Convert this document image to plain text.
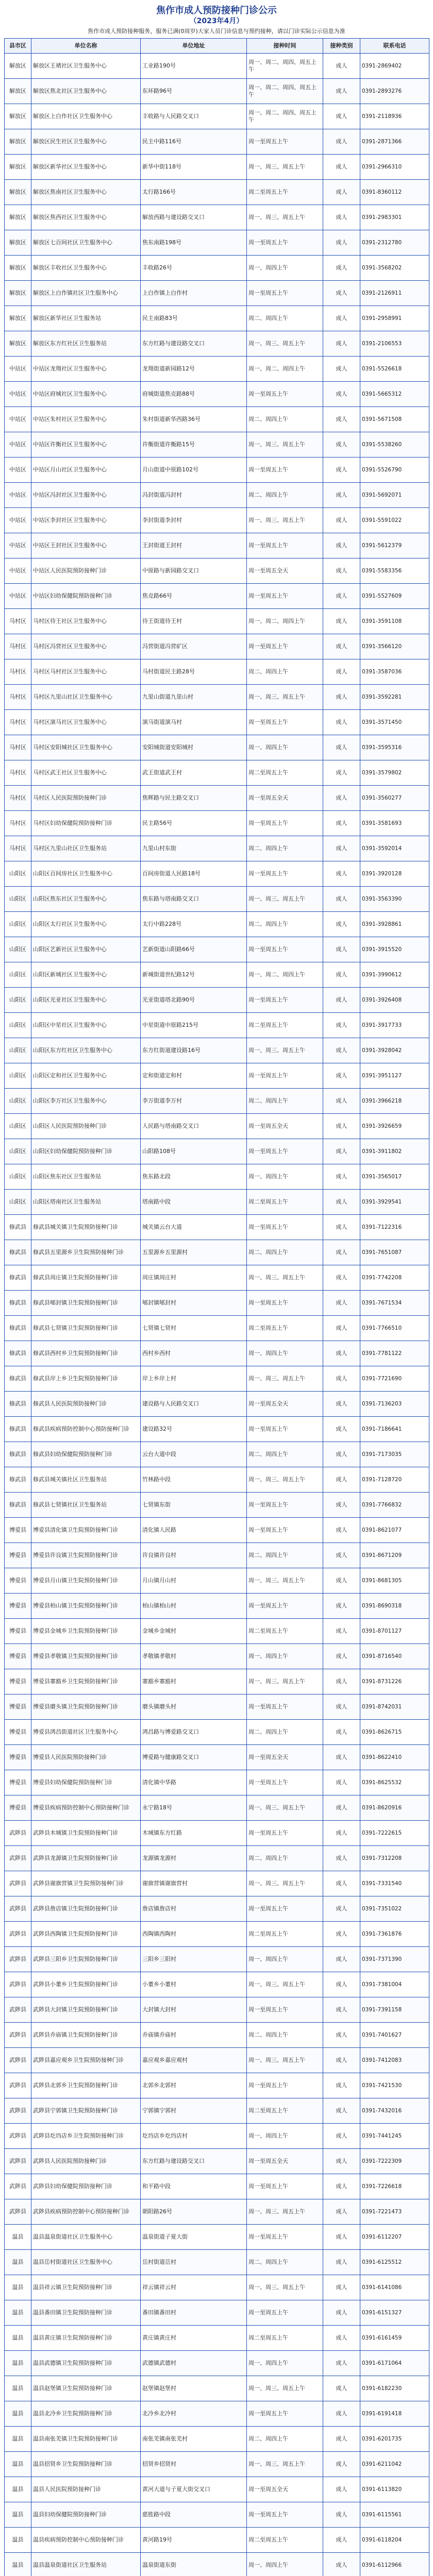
焦作市成人预防接种门诊公示
（2023年4月）
焦作市成人预防接种服务，服务已满(0周岁)大家人员门诊信息与预约接种，请以门诊实际公示信息为准
县市区	单位名称	单位地址	接种时间	接种类别	联系电话
解放区	解放区王褚社区卫生服务中心	工业路190号	周一、周二、周四、周五上午	成人	0391-2869402
解放区	解放区焦北社区卫生服务中心	东环路96号	周一、周二、周四、周五上午	成人	0391-2893276
解放区	解放区上白作社区卫生服务中心	丰收路与人民路交叉口	周一、周二、周四、周五上午	成人	0391-2118936
解放区	解放区民生社区卫生服务中心	民主中路116号	周一至周五上午	成人	0391-2871366
解放区	解放区新华社区卫生服务中心	新华中街118号	周一、周三、周五上午	成人	0391-2966310
解放区	解放区焦南社区卫生服务中心	太行路166号	周二至周五上午	成人	0391-8360112
解放区	解放区焦西社区卫生服务中心	解放西路与建设路交叉口	周一、周三、周五上午	成人	0391-2983301
解放区	解放区七百间社区卫生服务中心	焦东南路198号	周一至周五上午	成人	0391-2312780
解放区	解放区丰收社区卫生服务中心	丰收路26号	周一、周四上午	成人	0391-3568202
解放区	解放区上白作镇社区卫生服务中心	上白作镇上白作村	周一至周五上午	成人	0391-2126911
解放区	解放区新华社区卫生服务站	民主南路83号	周二、周四上午	成人	0391-2958991
解放区	解放区东方红社区卫生服务站	东方红路与建设路交叉口	周一、周三、周五上午	成人	0391-2106553
中站区	中站区龙翔社区卫生服务中心	龙翔街道新园路12号	周一、周二、周四上午	成人	0391-5526618
中站区	中站区府城社区卫生服务中心	府城街道焦克路88号	周一至周五上午	成人	0391-5665312
中站区	中站区朱村社区卫生服务中心	朱村街道新华西路36号	周二、周四上午	成人	0391-5671508
中站区	中站区许衡社区卫生服务中心	许衡街道许衡路15号	周一、周三、周五上午	成人	0391-5538260
中站区	中站区月山社区卫生服务中心	月山街道中原路102号	周一至周五上午	成人	0391-5526790
中站区	中站区冯封社区卫生服务中心	冯封街道冯封村	周二、周四上午	成人	0391-5692071
中站区	中站区李封社区卫生服务中心	李封街道李封村	周一、周三、周五上午	成人	0391-5591022
中站区	中站区王封社区卫生服务中心	王封街道王封村	周一至周五上午	成人	0391-5612379
中站区	中站区人民医院预防接种门诊	中原路与新园路交叉口	周一至周五全天	成人	0391-5583356
中站区	中站区妇幼保健院预防接种门诊	焦克路66号	周一至周五上午	成人	0391-5527609
马村区	马村区待王社区卫生服务中心	待王街道待王村	周一、周二、周四上午	成人	0391-3591108
马村区	马村区冯营社区卫生服务中心	冯营街道冯营矿区	周一至周五上午	成人	0391-3566120
马村区	马村区马村社区卫生服务中心	马村街道民主路28号	周二、周四上午	成人	0391-3587036
马村区	马村区九里山社区卫生服务中心	九里山街道九里山村	周一、周三、周五上午	成人	0391-3592281
马村区	马村区演马社区卫生服务中心	演马街道演马村	周一至周五上午	成人	0391-3571450
马村区	马村区安阳城社区卫生服务中心	安阳城街道安阳城村	周一、周四上午	成人	0391-3595316
马村区	马村区武王社区卫生服务中心	武王街道武王村	周二至周五上午	成人	0391-3579802
马村区	马村区人民医院预防接种门诊	焦辉路与民主路交叉口	周一至周五全天	成人	0391-3560277
马村区	马村区妇幼保健院预防接种门诊	民主路56号	周一至周五上午	成人	0391-3581693
马村区	马村区九里山社区卫生服务站	九里山村东街	周二、周四上午	成人	0391-3592014
山阳区	山阳区百间房社区卫生服务中心	百间房街道人民路18号	周一至周五上午	成人	0391-3920128
山阳区	山阳区焦东社区卫生服务中心	焦东路与塔南路交叉口	周一、周三、周五上午	成人	0391-3563390
山阳区	山阳区太行社区卫生服务中心	太行中路228号	周二、周四上午	成人	0391-3928861
山阳区	山阳区艺新社区卫生服务中心	艺新街道山阳路66号	周一至周五上午	成人	0391-3915520
山阳区	山阳区新城社区卫生服务中心	新城街道世纪路12号	周一、周二、周四上午	成人	0391-3990612
山阳区	山阳区光亚社区卫生服务中心	光亚街道塔北路90号	周一至周五上午	成人	0391-3926408
山阳区	山阳区中星社区卫生服务中心	中星街道中原路215号	周二至周五上午	成人	0391-3917733
山阳区	山阳区东方红社区卫生服务中心	东方红街道建设路16号	周一、周三、周五上午	成人	0391-3928042
山阳区	山阳区定和社区卫生服务中心	定和街道定和村	周一至周五上午	成人	0391-3951127
山阳区	山阳区李万社区卫生服务中心	李万街道李万村	周二、周四上午	成人	0391-3966218
山阳区	山阳区人民医院预防接种门诊	人民路与塔南路交叉口	周一至周五全天	成人	0391-3926659
山阳区	山阳区妇幼保健院预防接种门诊	山阳路108号	周一至周五上午	成人	0391-3911802
山阳区	山阳区焦东社区卫生服务站	焦东路北段	周一、周四上午	成人	0391-3565017
山阳区	山阳区塔南社区卫生服务站	塔南路中段	周二至周五上午	成人	0391-3929541
修武县	修武县城关镇卫生院预防接种门诊	城关镇云台大道	周一至周五上午	成人	0391-7122316
修武县	修武县五里源乡卫生院预防接种门诊	五里源乡五里源村	周二、周四上午	成人	0391-7651087
修武县	修武县周庄镇卫生院预防接种门诊	周庄镇周庄村	周一、周三、周五上午	成人	0391-7742208
修武县	修武县郇封镇卫生院预防接种门诊	郇封镇郇封村	周一至周五上午	成人	0391-7671534
修武县	修武县七贤镇卫生院预防接种门诊	七贤镇七贤村	周二至周五上午	成人	0391-7766510
修武县	修武县西村乡卫生院预防接种门诊	西村乡西村	周一、周四上午	成人	0391-7781122
修武县	修武县岸上乡卫生院预防接种门诊	岸上乡岸上村	周一、周三、周五上午	成人	0391-7721690
修武县	修武县人民医院预防接种门诊	建设路与人民路交叉口	周一至周五全天	成人	0391-7136203
修武县	修武县疾病预防控制中心预防接种门诊	建设路32号	周一至周五上午	成人	0391-7186641
修武县	修武县妇幼保健院预防接种门诊	云台大道中段	周二、周四上午	成人	0391-7173035
修武县	修武县城关镇社区卫生服务站	竹林路中段	周一、周三、周五上午	成人	0391-7128720
修武县	修武县七贤镇社区卫生服务站	七贤镇东街	周一至周五上午	成人	0391-7766832
博爱县	博爱县清化镇卫生院预防接种门诊	清化镇人民路	周一至周五上午	成人	0391-8621077
博爱县	博爱县许良镇卫生院预防接种门诊	许良镇许良村	周二、周四上午	成人	0391-8671209
博爱县	博爱县月山镇卫生院预防接种门诊	月山镇月山村	周一、周三、周五上午	成人	0391-8681305
博爱县	博爱县柏山镇卫生院预防接种门诊	柏山镇柏山村	周一至周五上午	成人	0391-8690318
博爱县	博爱县金城乡卫生院预防接种门诊	金城乡金城村	周二至周五上午	成人	0391-8701127
博爱县	博爱县孝敬镇卫生院预防接种门诊	孝敬镇孝敬村	周一、周四上午	成人	0391-8716540
博爱县	博爱县寨豁乡卫生院预防接种门诊	寨豁乡寨豁村	周一、周三、周五上午	成人	0391-8731226
博爱县	博爱县磨头镇卫生院预防接种门诊	磨头镇磨头村	周一至周五上午	成人	0391-8742031
博爱县	博爱县鸿昌街道社区卫生服务中心	鸿昌路与博爱路交叉口	周二、周四上午	成人	0391-8626715
博爱县	博爱县人民医院预防接种门诊	博爱路与健康路交叉口	周一至周五全天	成人	0391-8622410
博爱县	博爱县妇幼保健院预防接种门诊	清化镇中华路	周一至周五上午	成人	0391-8625532
博爱县	博爱县疾病预防控制中心预防接种门诊	永宁路18号	周一、周三、周五上午	成人	0391-8620916
武陟县	武陟县木城镇卫生院预防接种门诊	木城镇东方红路	周一至周五上午	成人	0391-7222615
武陟县	武陟县龙源镇卫生院预防接种门诊	龙源镇龙源村	周二、周四上午	成人	0391-7312208
武陟县	武陟县谢旗营镇卫生院预防接种门诊	谢旗营镇谢旗营村	周一、周三、周五上午	成人	0391-7331540
武陟县	武陟县詹店镇卫生院预防接种门诊	詹店镇詹店村	周一至周五上午	成人	0391-7351022
武陟县	武陟县西陶镇卫生院预防接种门诊	西陶镇西陶村	周二至周五上午	成人	0391-7361876
武陟县	武陟县三阳乡卫生院预防接种门诊	三阳乡三阳村	周一、周四上午	成人	0391-7371390
武陟县	武陟县小董乡卫生院预防接种门诊	小董乡小董村	周一、周三、周五上午	成人	0391-7381004
武陟县	武陟县大封镇卫生院预防接种门诊	大封镇大封村	周一至周五上午	成人	0391-7391158
武陟县	武陟县乔庙镇卫生院预防接种门诊	乔庙镇乔庙村	周二、周四上午	成人	0391-7401627
武陟县	武陟县嘉应观乡卫生院预防接种门诊	嘉应观乡嘉应观村	周一、周三、周五上午	成人	0391-7412083
武陟县	武陟县北郭乡卫生院预防接种门诊	北郭乡北郭村	周一至周五上午	成人	0391-7421530
武陟县	武陟县宁郭镇卫生院预防接种门诊	宁郭镇宁郭村	周二至周五上午	成人	0391-7432016
武陟县	武陟县圪垱店乡卫生院预防接种门诊	圪垱店乡圪垱店村	周一、周四上午	成人	0391-7441245
武陟县	武陟县人民医院预防接种门诊	东方红路与建设路交叉口	周一至周五全天	成人	0391-7222309
武陟县	武陟县妇幼保健院预防接种门诊	和平路中段	周一至周五上午	成人	0391-7226618
武陟县	武陟县疾病预防控制中心预防接种门诊	朝阳路26号	周一、周三、周五上午	成人	0391-7221473
温县	温县温泉街道社区卫生服务中心	温泉街道子夏大街	周一至周五上午	成人	0391-6112207
温县	温县岳村街道社区卫生服务中心	岳村街道岳村	周二、周四上午	成人	0391-6125512
温县	温县祥云镇卫生院预防接种门诊	祥云镇祥云村	周一、周三、周五上午	成人	0391-6141086
温县	温县番田镇卫生院预防接种门诊	番田镇番田村	周一至周五上午	成人	0391-6151327
温县	温县黄庄镇卫生院预防接种门诊	黄庄镇黄庄村	周二至周五上午	成人	0391-6161459
温县	温县武德镇卫生院预防接种门诊	武德镇武德村	周一、周四上午	成人	0391-6171064
温县	温县赵堡镇卫生院预防接种门诊	赵堡镇赵堡村	周一、周三、周五上午	成人	0391-6182230
温县	温县北冷乡卫生院预防接种门诊	北冷乡北冷村	周一至周五上午	成人	0391-6191418
温县	温县南张羌镇卫生院预防接种门诊	南张羌镇南张羌村	周二、周四上午	成人	0391-6201735
温县	温县招贤乡卫生院预防接种门诊	招贤乡招贤村	周一、周三、周五上午	成人	0391-6211042
温县	温县人民医院预防接种门诊	黄河大道与子夏大街交叉口	周一至周五全天	成人	0391-6113820
温县	温县妇幼保健院预防接种门诊	慈胜路中段	周一至周五上午	成人	0391-6115561
温县	温县疾病预防控制中心预防接种门诊	黄河路19号	周二至周五上午	成人	0391-6118204
温县	温县温泉街道社区卫生服务站	温泉街道东街	周一、周四上午	成人	0391-6112966
